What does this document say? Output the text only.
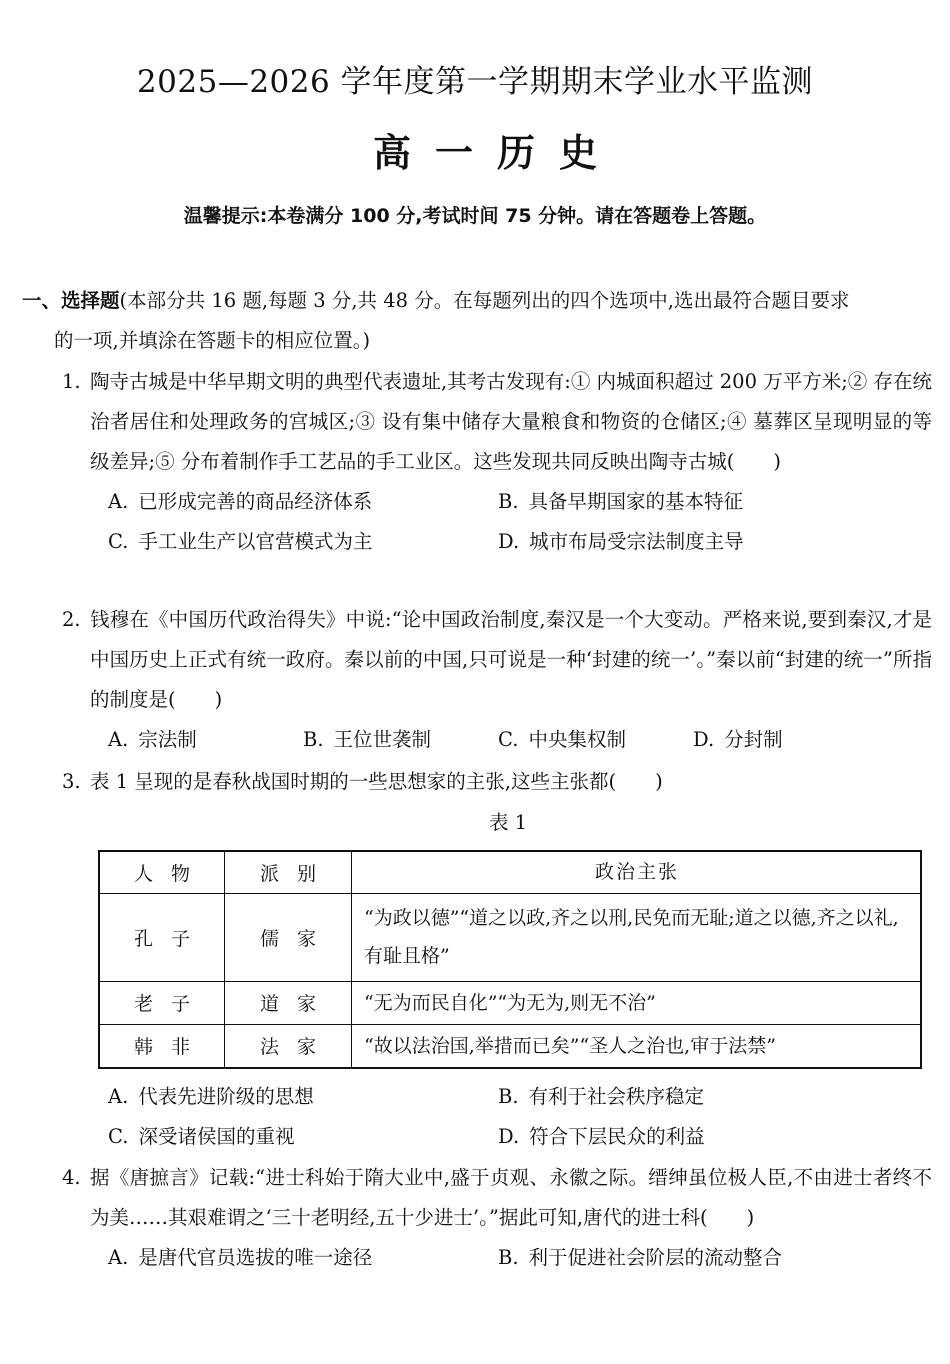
2025—2026 学年度第一学期期末学业水平监测
高一历史
温馨提示:本卷满分 100 分,考试时间 75 分钟。请在答题卷上答题。
一、选择题(本部分共 16 题,每题 3 分,共 48 分。在每题列出的四个选项中,选出最符合题目要求
的一项,并填涂在答题卡的相应位置。)
1. 陶寺古城是中华早期文明的典型代表遗址,其考古发现有:① 内城面积超过 200 万平方米;② 存在统治者居住和处理政务的宫城区;③ 设有集中储存大量粮食和物资的仓储区;④ 墓葬区呈现明显的等级差异;⑤ 分布着制作手工艺品的手工业区。这些发现共同反映出陶寺古城(　　)
A. 已形成完善的商品经济体系	B. 具备早期国家的基本特征
C. 手工业生产以官营模式为主	D. 城市布局受宗法制度主导
2. 钱穆在《中国历代政治得失》中说:“论中国政治制度,秦汉是一个大变动。严格来说,要到秦汉,才是中国历史上正式有统一政府。秦以前的中国,只可说是一种‘封建的统一’。”秦以前“封建的统一”所指的制度是(　　)
A. 宗法制	B. 王位世袭制	C. 中央集权制	D. 分封制
3. 表 1 呈现的是春秋战国时期的一些思想家的主张,这些主张都(　　)
表 1
人物	派别	政治主张
孔子	儒家	“为政以德”“道之以政,齐之以刑,民免而无耻;道之以德,齐之以礼,有耻且格”
老子	道家	“无为而民自化”“为无为,则无不治”
韩非	法家	“故以法治国,举措而已矣”“圣人之治也,审于法禁”
A. 代表先进阶级的思想	B. 有利于社会秩序稳定
C. 深受诸侯国的重视	D. 符合下层民众的利益
4. 据《唐摭言》记载:“进士科始于隋大业中,盛于贞观、永徽之际。缙绅虽位极人臣,不由进士者终不为美……其艰难谓之‘三十老明经,五十少进士’。”据此可知,唐代的进士科(　　)
A. 是唐代官员选拔的唯一途径	B. 利于促进社会阶层的流动整合
